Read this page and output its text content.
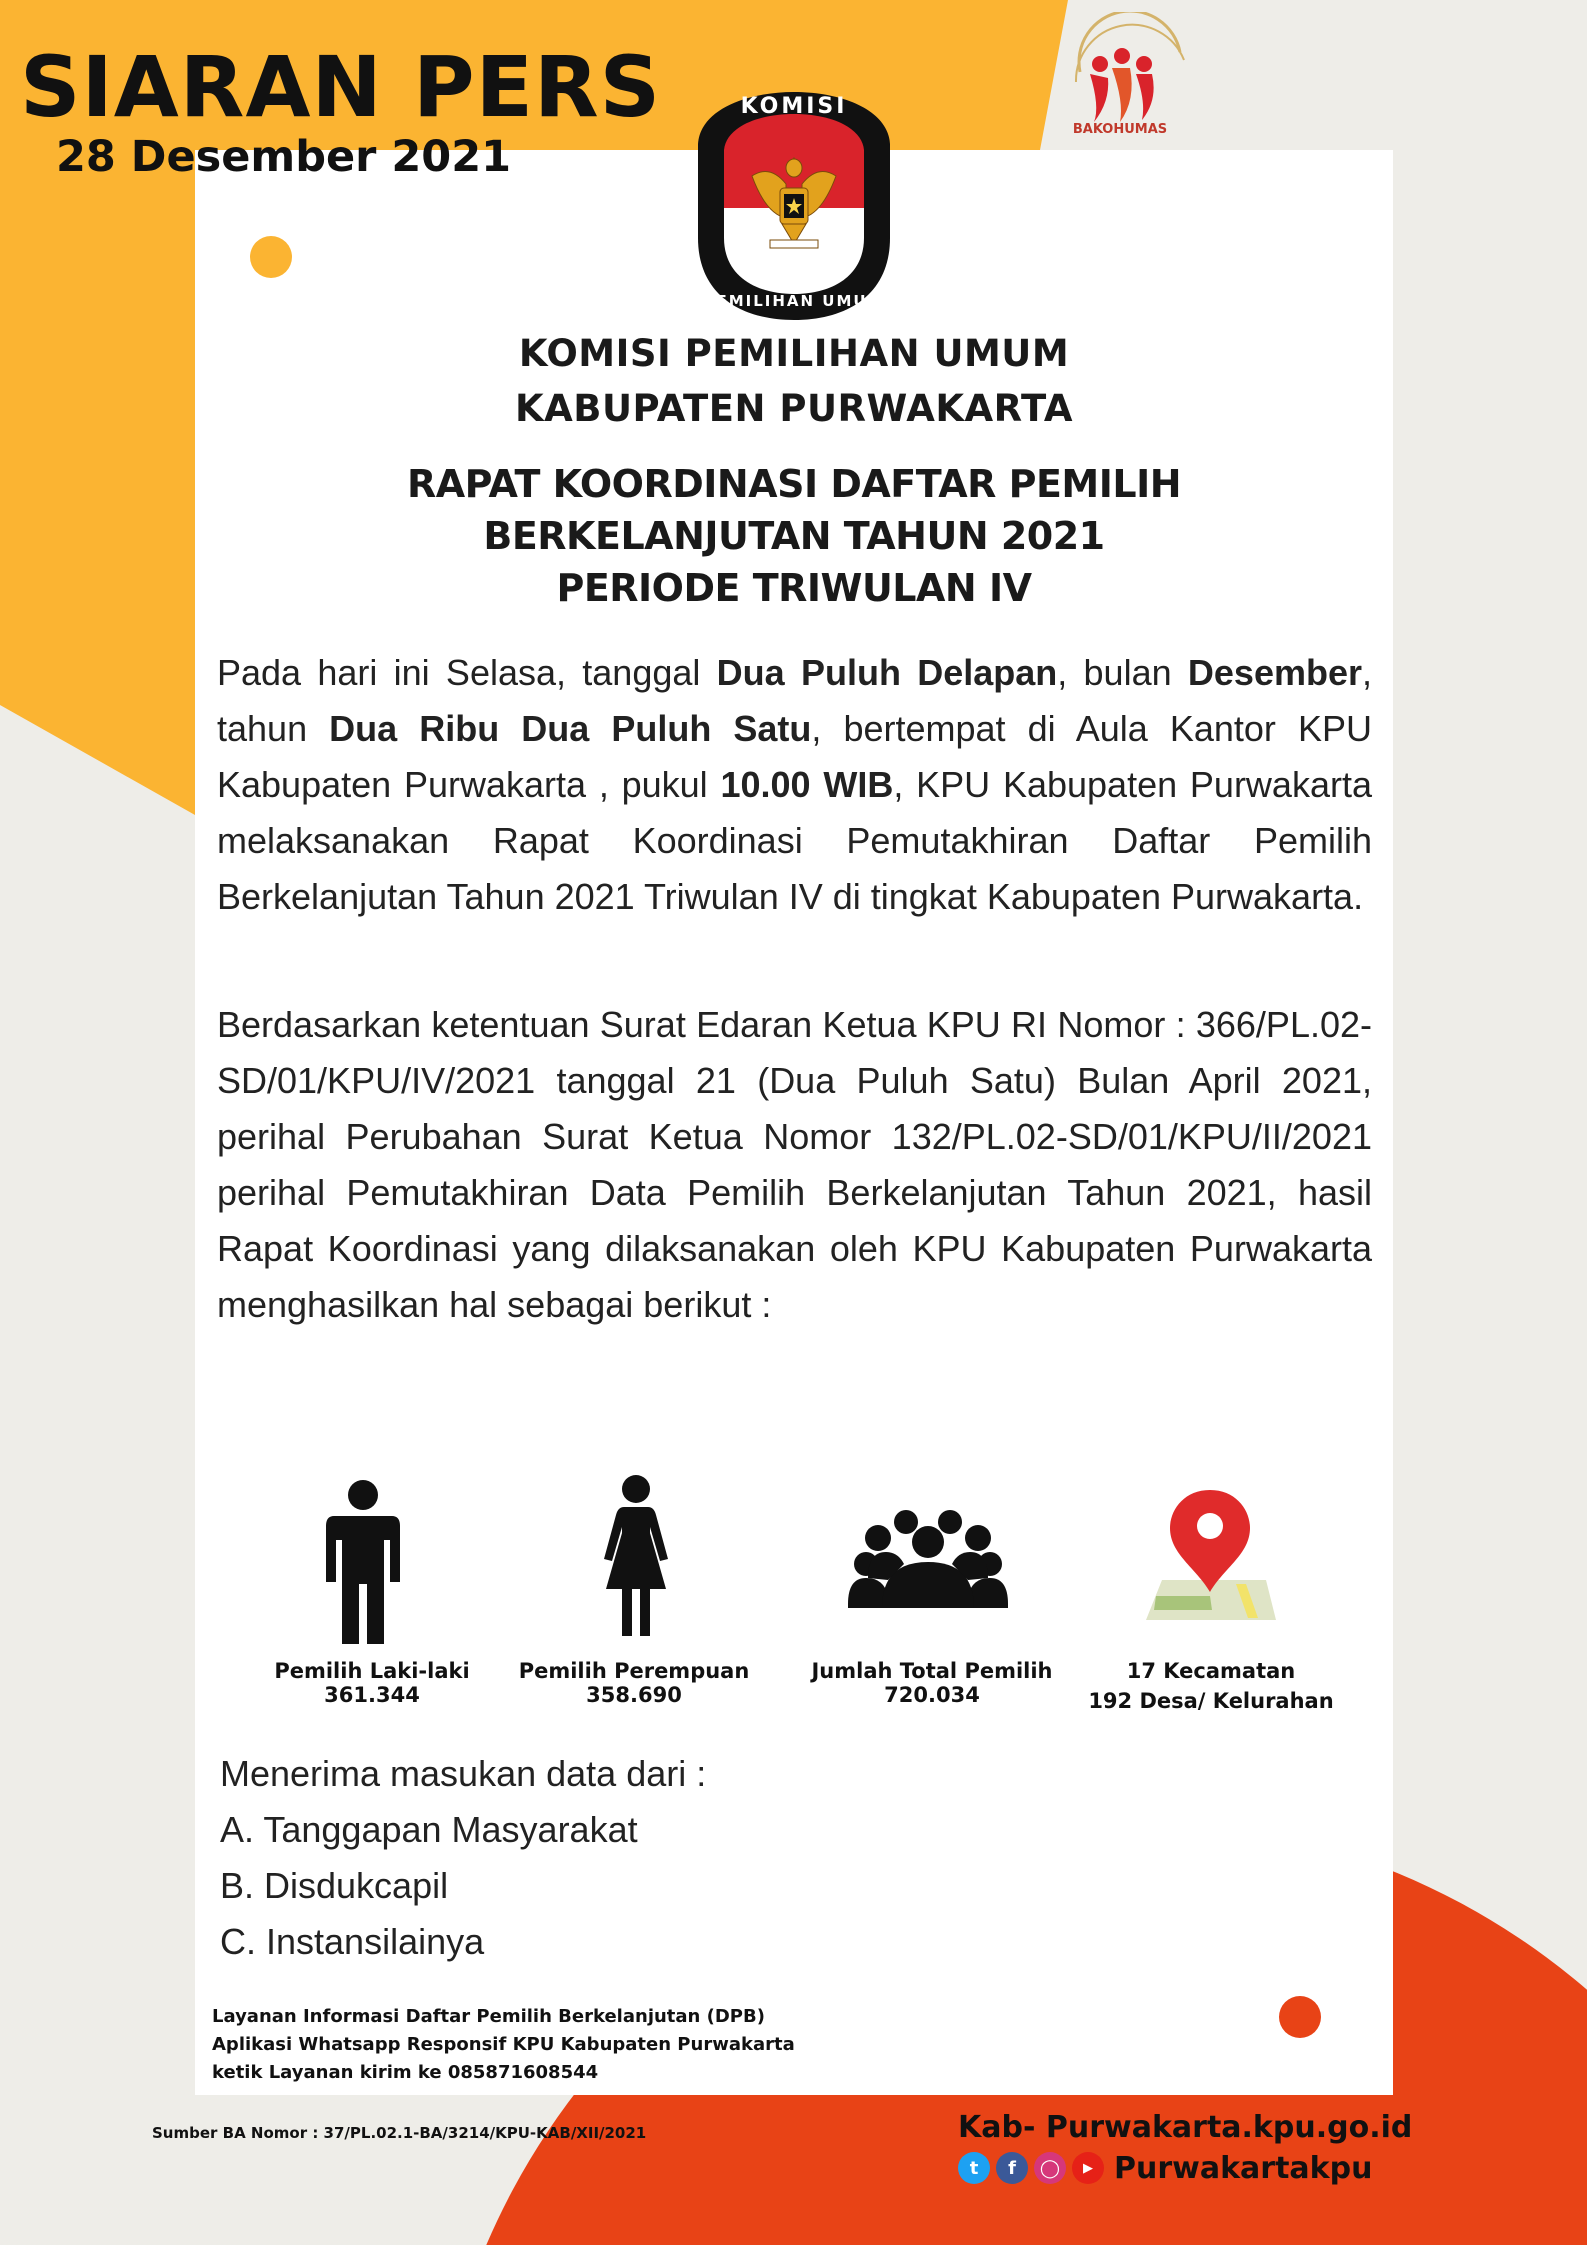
SIARAN PERS
28 Desember 2021
BAKOHUMAS
KOMISI
PEMILIHAN UMUM
KOMISI PEMILIHAN UMUM
KABUPATEN PURWAKARTA
RAPAT KOORDINASI DAFTAR PEMILIH
BERKELANJUTAN TAHUN 2021
PERIODE TRIWULAN IV
Pada hari ini Selasa, tanggal Dua Puluh Delapan, bulan Desember, tahun Dua Ribu Dua Puluh Satu, bertempat di Aula Kantor KPU Kabupaten Purwakarta , pukul 10.00 WIB, KPU Kabupaten Purwakarta melaksanakan Rapat Koordinasi Pemutakhiran Daftar Pemilih Berkelanjutan Tahun 2021 Triwulan IV di tingkat Kabupaten Purwakarta.
Berdasarkan ketentuan Surat Edaran Ketua KPU RI Nomor : 366/PL.02- SD/01/KPU/IV/2021 tanggal 21 (Dua Puluh Satu) Bulan April 2021, perihal Perubahan Surat Ketua Nomor 132/PL.02-SD/01/KPU/II/2021 perihal Pemutakhiran Data Pemilih Berkelanjutan Tahun 2021, hasil Rapat Koordinasi yang dilaksanakan oleh KPU Kabupaten Purwakarta menghasilkan hal sebagai berikut :
Pemilih Laki-laki
361.344
Pemilih Perempuan
358.690
Jumlah Total Pemilih
720.034
17 Kecamatan
192 Desa/ Kelurahan
Menerima masukan data dari :
A. Tanggapan Masyarakat
B. Disdukcapil
C. Instansilainya
Layanan Informasi Daftar Pemilih Berkelanjutan (DPB)
Aplikasi Whatsapp Responsif KPU Kabupaten Purwakarta
ketik Layanan kirim ke 085871608544
Sumber BA Nomor : 37/PL.02.1-BA/3214/KPU-KAB/XII/2021	Kab- Purwakarta.kpu.go.id
t	f	◯	▶ Purwakartakpu
